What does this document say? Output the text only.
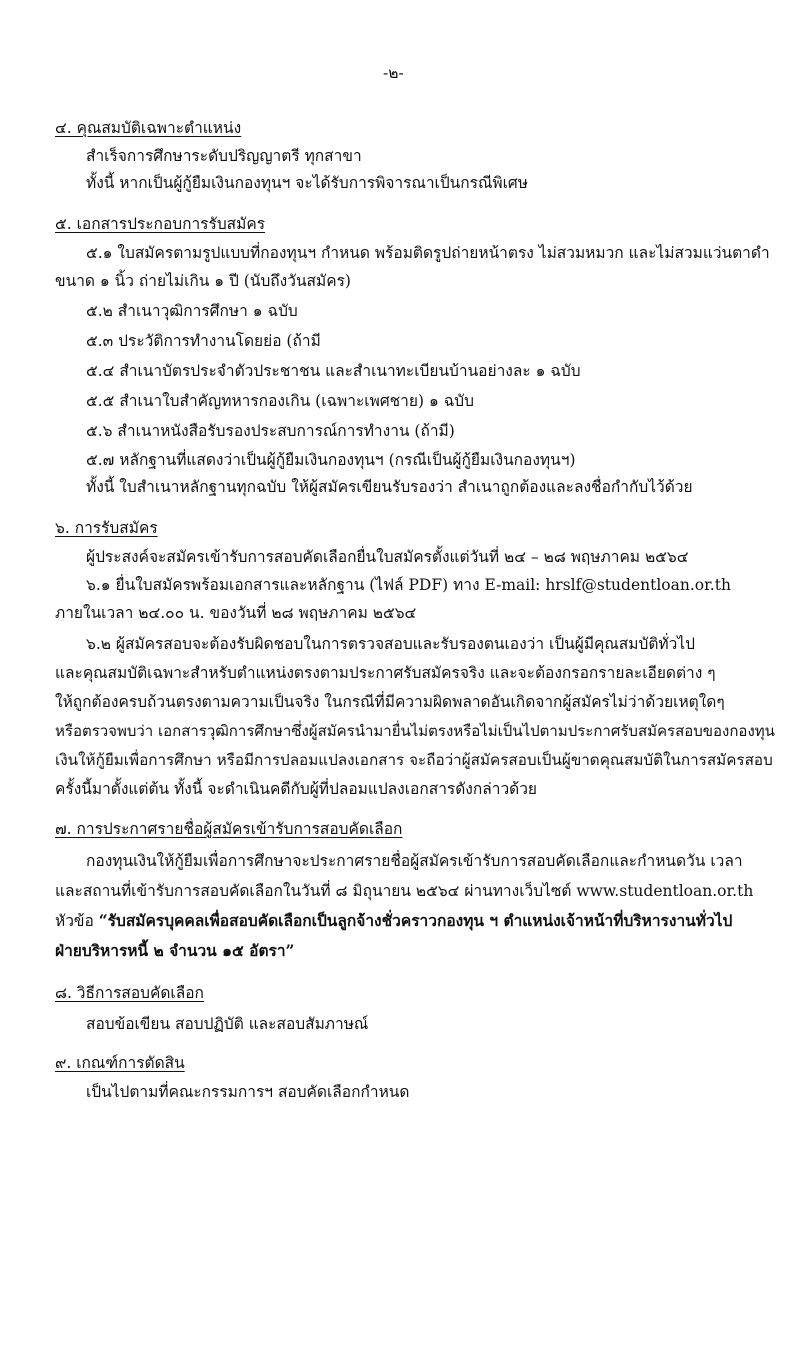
-๒-
๔. คุณสมบัติเฉพาะตำแหน่ง
สำเร็จการศึกษาระดับปริญญาตรี ทุกสาขา
ทั้งนี้ หากเป็นผู้กู้ยืมเงินกองทุนฯ จะได้รับการพิจารณาเป็นกรณีพิเศษ
๕. เอกสารประกอบการรับสมัคร
๕.๑ ใบสมัครตามรูปแบบที่กองทุนฯ กำหนด พร้อมติดรูปถ่ายหน้าตรง ไม่สวมหมวก และไม่สวมแว่นตาดำ
ขนาด ๑ นิ้ว ถ่ายไม่เกิน ๑ ปี (นับถึงวันสมัคร)
๕.๒ สำเนาวุฒิการศึกษา ๑ ฉบับ
๕.๓ ประวัติการทำงานโดยย่อ (ถ้ามี
๕.๔ สำเนาบัตรประจำตัวประชาชน และสำเนาทะเบียนบ้านอย่างละ ๑ ฉบับ
๕.๕ สำเนาใบสำคัญทหารกองเกิน (เฉพาะเพศชาย) ๑ ฉบับ
๕.๖ สำเนาหนังสือรับรองประสบการณ์การทำงาน (ถ้ามี)
๕.๗ หลักฐานที่แสดงว่าเป็นผู้กู้ยืมเงินกองทุนฯ (กรณีเป็นผู้กู้ยืมเงินกองทุนฯ)
ทั้งนี้ ใบสำเนาหลักฐานทุกฉบับ ให้ผู้สมัครเขียนรับรองว่า สำเนาถูกต้องและลงชื่อกำกับไว้ด้วย
๖. การรับสมัคร
ผู้ประสงค์จะสมัครเข้ารับการสอบคัดเลือกยื่นใบสมัครตั้งแต่วันที่ ๒๔ – ๒๘ พฤษภาคม ๒๕๖๔
๖.๑ ยื่นใบสมัครพร้อมเอกสารและหลักฐาน (ไฟล์ PDF) ทาง E-mail: hrslf@studentloan.or.th
ภายในเวลา ๒๔.๐๐ น. ของวันที่ ๒๘ พฤษภาคม ๒๕๖๔
๖.๒ ผู้สมัครสอบจะต้องรับผิดชอบในการตรวจสอบและรับรองตนเองว่า เป็นผู้มีคุณสมบัติทั่วไป
และคุณสมบัติเฉพาะสำหรับตำแหน่งตรงตามประกาศรับสมัครจริง และจะต้องกรอกรายละเอียดต่าง ๆ
ให้ถูกต้องครบถ้วนตรงตามความเป็นจริง ในกรณีที่มีความผิดพลาดอันเกิดจากผู้สมัครไม่ว่าด้วยเหตุใดๆ
หรือตรวจพบว่า เอกสารวุฒิการศึกษาซึ่งผู้สมัครนำมายื่นไม่ตรงหรือไม่เป็นไปตามประกาศรับสมัครสอบของกองทุน
เงินให้กู้ยืมเพื่อการศึกษา หรือมีการปลอมแปลงเอกสาร จะถือว่าผู้สมัครสอบเป็นผู้ขาดคุณสมบัติในการสมัครสอบ
ครั้งนี้มาตั้งแต่ต้น ทั้งนี้ จะดำเนินคดีกับผู้ที่ปลอมแปลงเอกสารดังกล่าวด้วย
๗. การประกาศรายชื่อผู้สมัครเข้ารับการสอบคัดเลือก
กองทุนเงินให้กู้ยืมเพื่อการศึกษาจะประกาศรายชื่อผู้สมัครเข้ารับการสอบคัดเลือกและกำหนดวัน เวลา
และสถานที่เข้ารับการสอบคัดเลือกในวันที่ ๘ มิถุนายน ๒๕๖๔ ผ่านทางเว็บไซต์ www.studentloan.or.th
หัวข้อ “รับสมัครบุคคลเพื่อสอบคัดเลือกเป็นลูกจ้างชั่วคราวกองทุน ฯ ตำแหน่งเจ้าหน้าที่บริหารงานทั่วไป
ฝ่ายบริหารหนี้ ๒ จำนวน ๑๕ อัตรา”
๘. วิธีการสอบคัดเลือก
สอบข้อเขียน สอบปฏิบัติ และสอบสัมภาษณ์
๙. เกณฑ์การตัดสิน
เป็นไปตามที่คณะกรรมการฯ สอบคัดเลือกกำหนด
